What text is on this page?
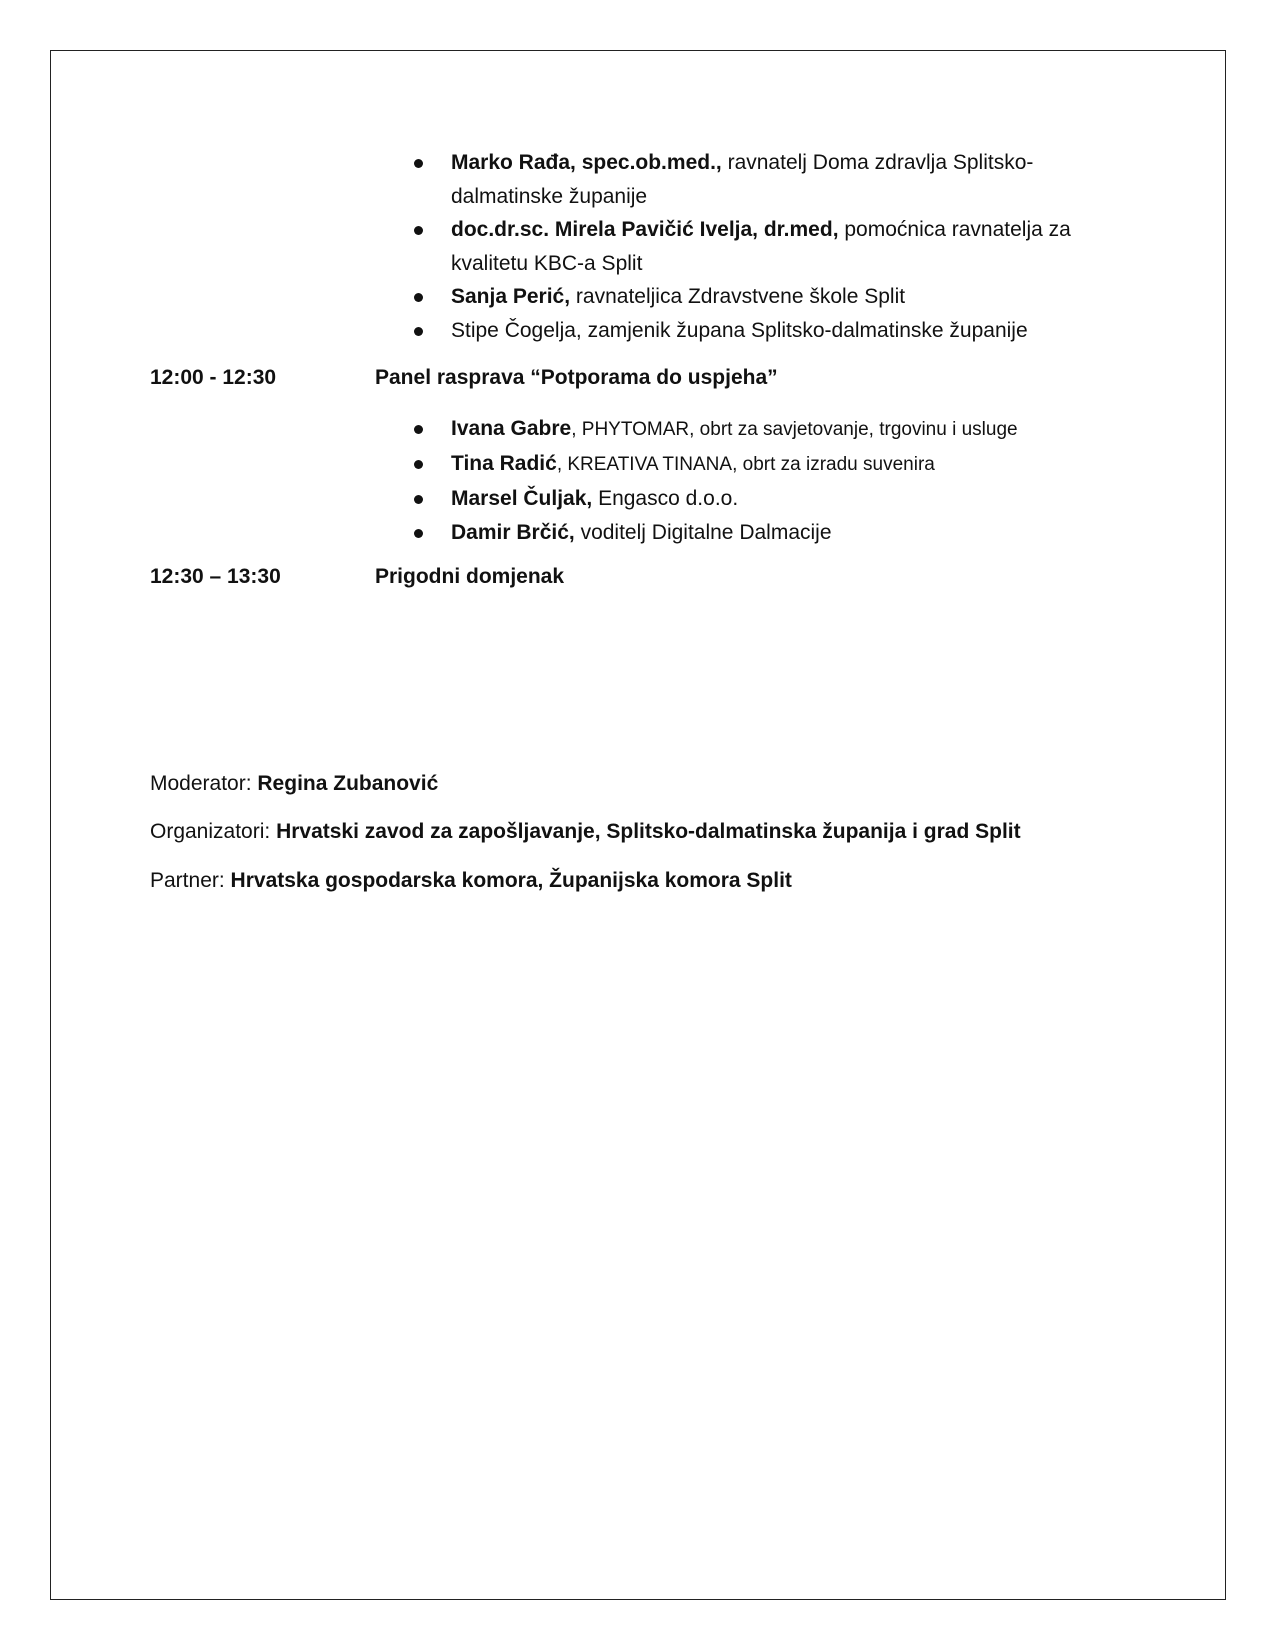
Marko Rađa, spec.ob.med., ravnatelj Doma zdravlja Splitsko-dalmatinske županije
doc.dr.sc. Mirela Pavičić Ivelja, dr.med, pomoćnica ravnatelja za kvalitetu KBC-a Split
Sanja Perić, ravnateljica Zdravstvene škole Split
Stipe Čogelja, zamjenik župana Splitsko-dalmatinske županije
12:00 - 12:30	Panel rasprava “Potporama do uspjeha”
Ivana Gabre, PHYTOMAR, obrt za savjetovanje, trgovinu i usluge
Tina Radić, KREATIVA TINANA, obrt za izradu suvenira
Marsel Čuljak, Engasco d.o.o.
Damir Brčić, voditelj Digitalne Dalmacije
12:30 – 13:30	Prigodni domjenak
Moderator: Regina Zubanović
Organizatori: Hrvatski zavod za zapošljavanje, Splitsko-dalmatinska županija i grad Split
Partner: Hrvatska gospodarska komora, Županijska komora Split
